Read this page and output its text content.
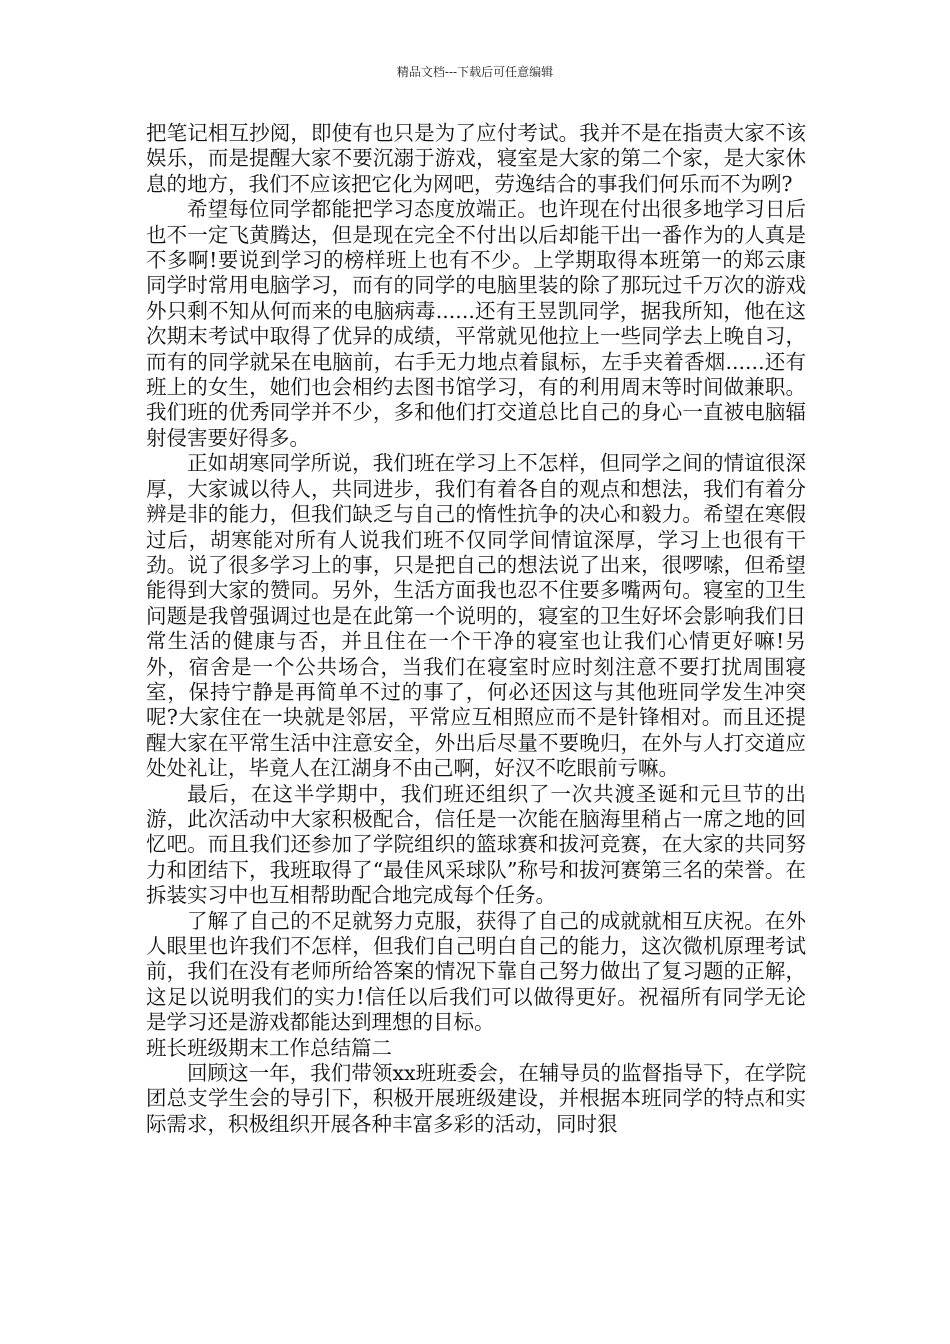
精品文档---下载后可任意编辑

把笔记相互抄阅，即使有也只是为了应付考试。我并不是在指责大家不该娱乐，而是提醒大家不要沉溺于游戏，寝室是大家的第二个家，是大家休息的地方，我们不应该把它化为网吧，劳逸结合的事我们何乐而不为咧?

希望每位同学都能把学习态度放端正。也许现在付出很多地学习日后也不一定飞黄腾达，但是现在完全不付出以后却能干出一番作为的人真是不多啊!要说到学习的榜样班上也有不少。上学期取得本班第一的郑云康同学时常用电脑学习，而有的同学的电脑里装的除了那玩过千万次的游戏外只剩不知从何而来的电脑病毒......还有王昱凯同学，据我所知，他在这次期末考试中取得了优异的成绩，平常就见他拉上一些同学去上晚自习，而有的同学就呆在电脑前，右手无力地点着鼠标，左手夹着香烟......还有班上的女生，她们也会相约去图书馆学习，有的利用周末等时间做兼职。我们班的优秀同学并不少，多和他们打交道总比自己的身心一直被电脑辐射侵害要好得多。

正如胡寒同学所说，我们班在学习上不怎样，但同学之间的情谊很深厚，大家诚以待人，共同进步，我们有着各自的观点和想法，我们有着分辨是非的能力，但我们缺乏与自己的惰性抗争的决心和毅力。希望在寒假过后，胡寒能对所有人说我们班不仅同学间情谊深厚，学习上也很有干劲。说了很多学习上的事，只是把自己的想法说了出来，很啰嗦，但希望能得到大家的赞同。另外，生活方面我也忍不住要多嘴两句。寝室的卫生问题是我曾强调过也是在此第一个说明的，寝室的卫生好坏会影响我们日常生活的健康与否，并且住在一个干净的寝室也让我们心情更好嘛!另外，宿舍是一个公共场合，当我们在寝室时应时刻注意不要打扰周围寝室，保持宁静是再简单不过的事了，何必还因这与其他班同学发生冲突呢?大家住在一块就是邻居，平常应互相照应而不是针锋相对。而且还提醒大家在平常生活中注意安全，外出后尽量不要晚归，在外与人打交道应处处礼让，毕竟人在江湖身不由己啊，好汉不吃眼前亏嘛。

最后，在这半学期中，我们班还组织了一次共渡圣诞和元旦节的出游，此次活动中大家积极配合，信任是一次能在脑海里稍占一席之地的回忆吧。而且我们还参加了学院组织的篮球赛和拔河竞赛，在大家的共同努力和团结下，我班取得了“最佳风采球队”称号和拔河赛第三名的荣誉。在拆装实习中也互相帮助配合地完成每个任务。

了解了自己的不足就努力克服，获得了自己的成就就相互庆祝。在外人眼里也许我们不怎样，但我们自己明白自己的能力，这次微机原理考试前，我们在没有老师所给答案的情况下靠自己努力做出了复习题的正解，这足以说明我们的实力!信任以后我们可以做得更好。祝福所有同学无论是学习还是游戏都能达到理想的目标。

班长班级期末工作总结篇二

回顾这一年，我们带领xx班班委会，在辅导员的监督指导下，在学院团总支学生会的导引下，积极开展班级建设，并根据本班同学的特点和实际需求，积极组织开展各种丰富多彩的活动，同时狠
